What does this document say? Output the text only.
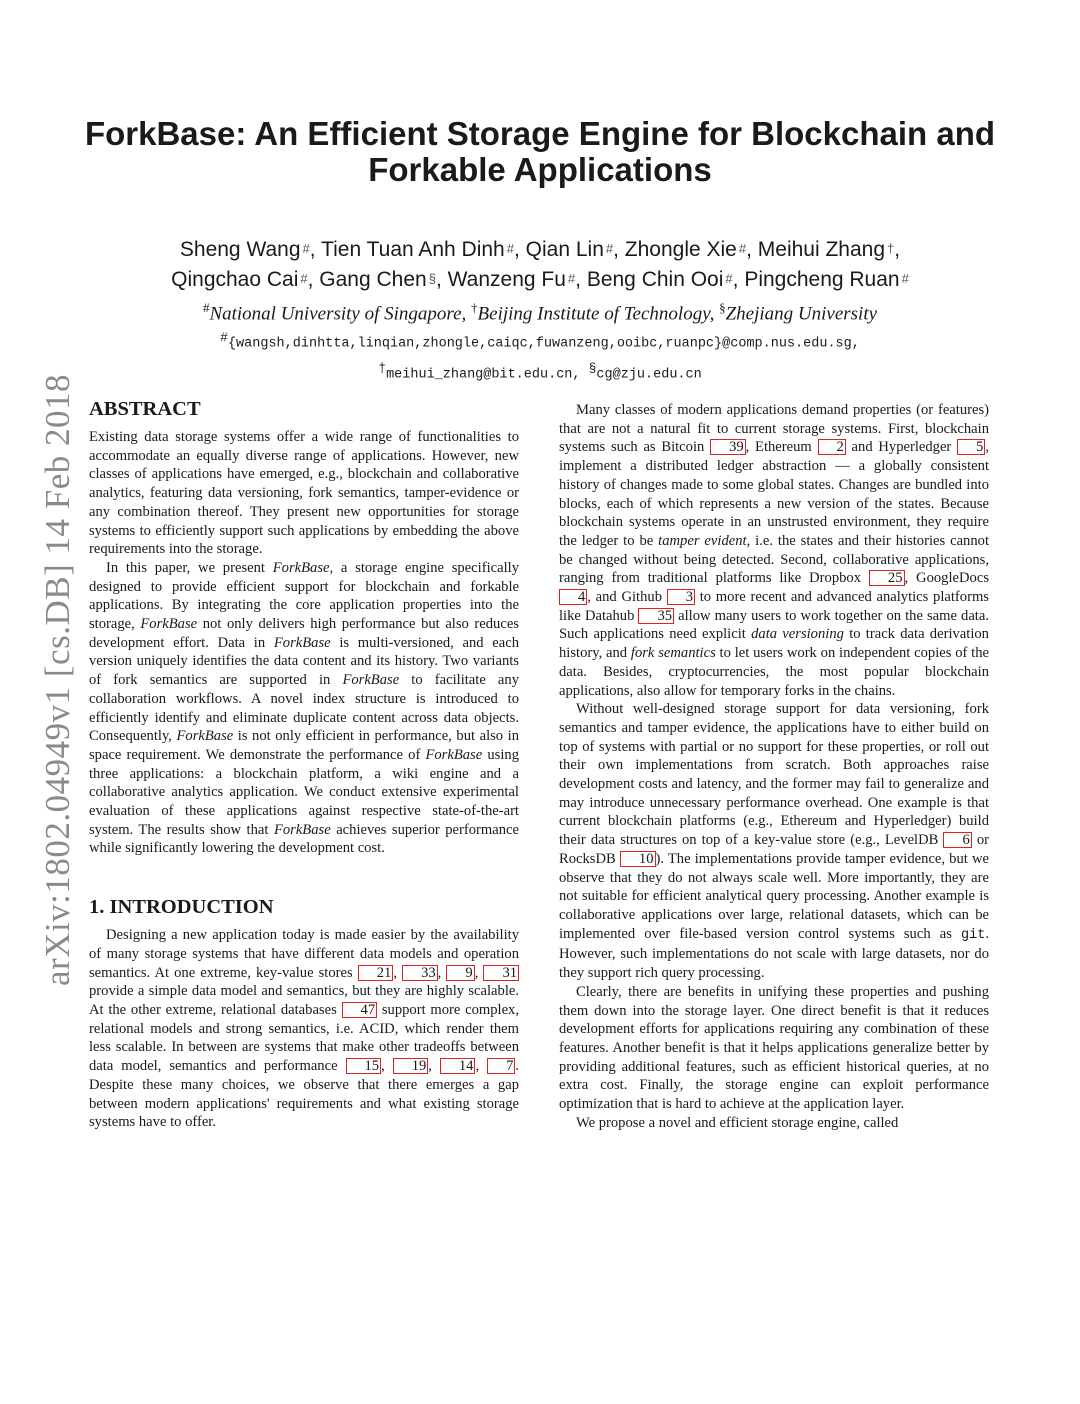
arXiv:1802.04949v1 [cs.DB] 14 Feb 2018
ForkBase: An Efficient Storage Engine for Blockchain and
Forkable Applications
Sheng Wang #, Tien Tuan Anh Dinh #, Qian Lin #, Zhongle Xie #, Meihui Zhang †,
Qingchao Cai #, Gang Chen §, Wanzeng Fu #, Beng Chin Ooi #, Pingcheng Ruan #
#National University of Singapore, †Beijing Institute of Technology, §Zhejiang University
#{wangsh,dinhtta,linqian,zhongle,caiqc,fuwanzeng,ooibc,ruanpc}@comp.nus.edu.sg,
†meihui_zhang@bit.edu.cn, §cg@zju.edu.cn
ABSTRACT

Existing data storage systems offer a wide range of functionalities to accommodate an equally diverse range of applications. However, new classes of applications have emerged, e.g., blockchain and collaborative analytics, featuring data versioning, fork semantics, tamper-evidence or any combination thereof. They present new opportunities for storage systems to efficiently support such applications by embedding the above requirements into the storage.

In this paper, we present ForkBase, a storage engine specifically designed to provide efficient support for blockchain and forkable applications. By integrating the core application properties into the storage, ForkBase not only delivers high performance but also reduces development effort. Data in ForkBase is multi-versioned, and each version uniquely identifies the data content and its history. Two variants of fork semantics are supported in ForkBase to facilitate any collaboration workflows. A novel index structure is introduced to efficiently identify and eliminate duplicate content across data objects. Consequently, ForkBase is not only efficient in performance, but also in space requirement. We demonstrate the performance of ForkBase using three applications: a blockchain platform, a wiki engine and a collaborative analytics application. We conduct extensive experimental evaluation of these applications against respective state-of-the-art system. The results show that ForkBase achieves superior performance while significantly lowering the development cost.

1. INTRODUCTION

Designing a new application today is made easier by the availability of many storage systems that have different data models and operation semantics. At one extreme, key-value stores 21 , 33 , 9 , 31 provide a simple data model and semantics, but they are highly scalable. At the other extreme, relational databases 47 support more complex, relational models and strong semantics, i.e. ACID, which render them less scalable. In between are systems that make other tradeoffs between data model, semantics and performance 15 , 19 , 14 , 7 . Despite these many choices, we observe that there emerges a gap between modern applications' requirements and what existing storage systems have to offer.

Many classes of modern applications demand properties (or features) that are not a natural fit to current storage systems. First, blockchain systems such as Bitcoin 39 , Ethereum 2 and Hyperledger 5 , implement a distributed ledger abstraction — a globally consistent history of changes made to some global states. Changes are bundled into blocks, each of which represents a new version of the states. Because blockchain systems operate in an unstrusted environment, they require the ledger to be tamper evident, i.e. the states and their histories cannot be changed without being detected. Second, collaborative applications, ranging from traditional platforms like Dropbox 25 , GoogleDocs 4 , and Github 3 to more recent and advanced analytics platforms like Datahub 35 allow many users to work together on the same data. Such applications need explicit data versioning to track data derivation history, and fork semantics to let users work on independent copies of the data. Besides, cryptocurrencies, the most popular blockchain applications, also allow for temporary forks in the chains.

Without well-designed storage support for data versioning, fork semantics and tamper evidence, the applications have to either build on top of systems with partial or no support for these properties, or roll out their own implementations from scratch. Both approaches raise development costs and latency, and the former may fail to generalize and may introduce unnecessary performance overhead. One example is that current blockchain platforms (e.g., Ethereum and Hyperledger) build their data structures on top of a key-value store (e.g., LevelDB 6 or RocksDB 10 ). The implementations provide tamper evidence, but we observe that they do not always scale well. More importantly, they are not suitable for efficient analytical query processing. Another example is collaborative applications over large, relational datasets, which can be implemented over file-based version control systems such as git. However, such implementations do not scale with large datasets, nor do they support rich query processing.

Clearly, there are benefits in unifying these properties and pushing them down into the storage layer. One direct benefit is that it reduces development efforts for applications requiring any combination of these features. Another benefit is that it helps applications generalize better by providing additional features, such as efficient historical queries, at no extra cost. Finally, the storage engine can exploit performance optimization that is hard to achieve at the application layer.

We propose a novel and efficient storage engine, called
